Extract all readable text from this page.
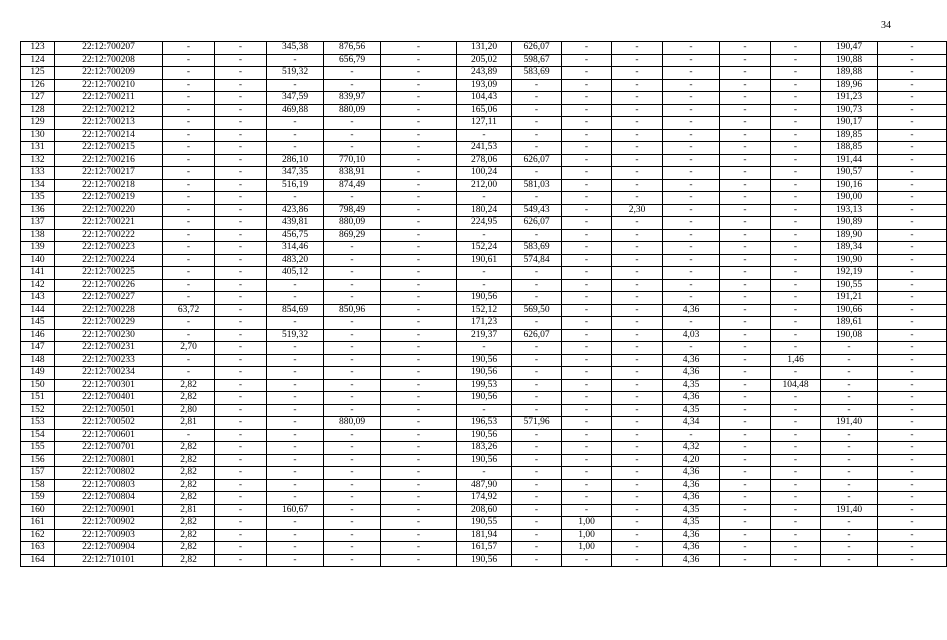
34
123	22:12:700207	-	-	345,38	876,56	-	131,20	626,07	-	-	-	-	-	190,47	-
124	22:12:700208	-	-	-	656,79	-	205,02	598,67	-	-	-	-	-	190,88	-
125	22:12:700209	-	-	519,32	-	-	243,89	583,69	-	-	-	-	-	189,88	-
126	22:12:700210	-	-	-	-	-	193,09	-	-	-	-	-	-	189,96	-
127	22:12:700211	-	-	347,59	839,97	-	104,43	-	-	-	-	-	-	191,23	-
128	22:12:700212	-	-	469,88	880,09	-	165,06	-	-	-	-	-	-	190,73	-
129	22:12:700213	-	-	-	-	-	127,11	-	-	-	-	-	-	190,17	-
130	22:12:700214	-	-	-	-	-	-	-	-	-	-	-	-	189,85	-
131	22:12:700215	-	-	-	-	-	241,53	-	-	-	-	-	-	188,85	-
132	22:12:700216	-	-	286,10	770,10	-	278,06	626,07	-	-	-	-	-	191,44	-
133	22:12:700217	-	-	347,35	838,91	-	100,24	-	-	-	-	-	-	190,57	-
134	22:12:700218	-	-	516,19	874,49	-	212,00	581,03	-	-	-	-	-	190,16	-
135	22:12:700219	-	-	-	-	-	-	-	-	-	-	-	-	190,00	-
136	22:12:700220	-	-	423,86	798,49	-	180,24	549,43	-	2,30	-	-	-	193,13	-
137	22:12:700221	-	-	439,81	880,09	-	224,95	626,07	-	-	-	-	-	190,89	-
138	22:12:700222	-	-	456,75	869,29	-	-	-	-	-	-	-	-	189,90	-
139	22:12:700223	-	-	314,46	-	-	152,24	583,69	-	-	-	-	-	189,34	-
140	22:12:700224	-	-	483,20	-	-	190,61	574,84	-	-	-	-	-	190,90	-
141	22:12:700225	-	-	405,12	-	-	-	-	-	-	-	-	-	192,19	-
142	22:12:700226	-	-	-	-	-	-	-	-	-	-	-	-	190,55	-
143	22:12:700227	-	-	-	-	-	190,56	-	-	-	-	-	-	191,21	-
144	22:12:700228	63,72	-	854,69	850,96	-	152,12	569,50	-	-	4,36	-	-	190,66	-
145	22:12:700229	-	-	-	-	-	171,23	-	-	-	-	-	-	189,61	-
146	22:12:700230	-	-	519,32	-	-	219,37	626,07	-	-	4,03	-	-	190,08	-
147	22:12:700231	2,70	-	-	-	-	-	-	-	-	-	-	-	-	-
148	22:12:700233	-	-	-	-	-	190,56	-	-	-	4,36	-	1,46	-	-
149	22:12:700234	-	-	-	-	-	190,56	-	-	-	4,36	-	-	-	-
150	22:12:700301	2,82	-	-	-	-	199,53	-	-	-	4,35	-	104,48	-	-
151	22:12:700401	2,82	-	-	-	-	190,56	-	-	-	4,36	-	-	-	-
152	22:12:700501	2,80	-	-	-	-	-	-	-	-	4,35	-	-	-	-
153	22:12:700502	2,81	-	-	880,09	-	196,53	571,96	-	-	4,34	-	-	191,40	-
154	22:12:700601	-	-	-	-	-	190,56	-	-	-	-	-	-	-	-
155	22:12:700701	2,82	-	-	-	-	183,26	-	-	-	4,32	-	-	-	-
156	22:12:700801	2,82	-	-	-	-	190,56	-	-	-	4,20	-	-	-	-
157	22:12:700802	2,82	-	-	-	-	-	-	-	-	4,36	-	-	-	-
158	22:12:700803	2,82	-	-	-	-	487,90	-	-	-	4,36	-	-	-	-
159	22:12:700804	2,82	-	-	-	-	174,92	-	-	-	4,36	-	-	-	-
160	22:12:700901	2,81	-	160,67	-	-	208,60	-	-	-	4,35	-	-	191,40	-
161	22:12:700902	2,82	-	-	-	-	190,55	-	1,00	-	4,35	-	-	-	-
162	22:12:700903	2,82	-	-	-	-	181,94	-	1,00	-	4,36	-	-	-	-
163	22:12:700904	2,82	-	-	-	-	161,57	-	1,00	-	4,36	-	-	-	-
164	22:12:710101	2,82	-	-	-	-	190,56	-	-	-	4,36	-	-	-	-
